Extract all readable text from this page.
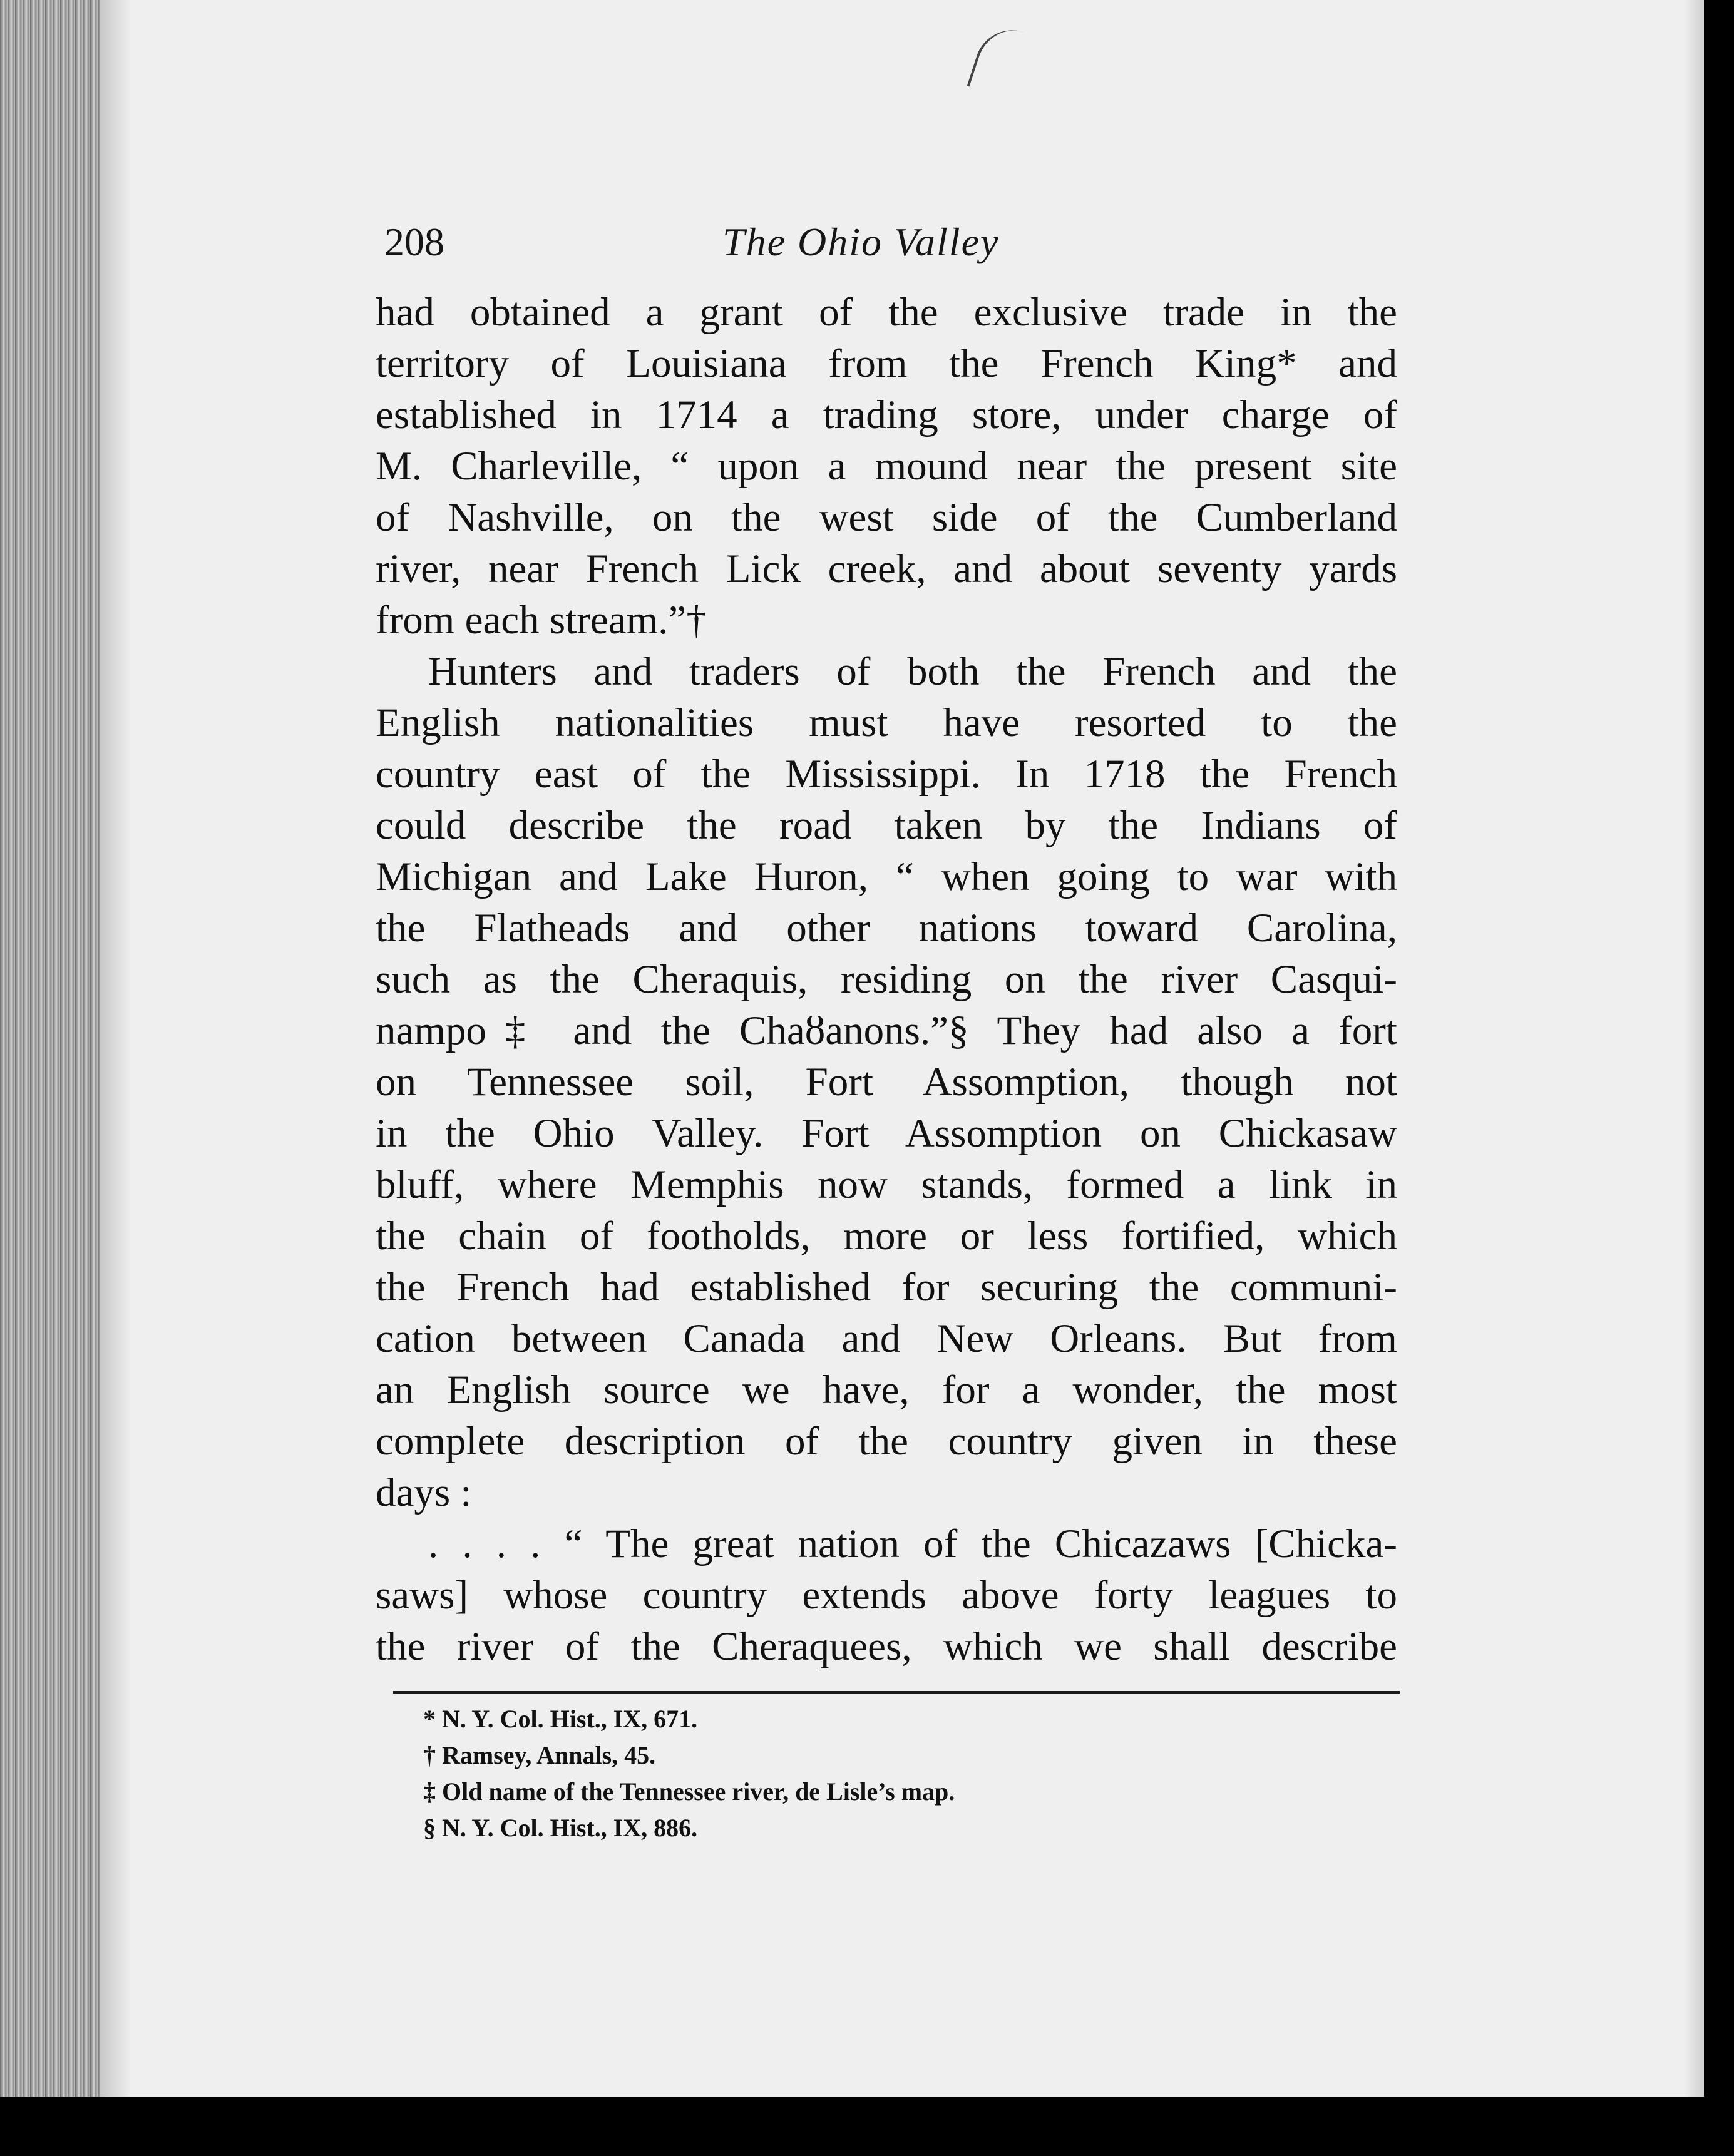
208	The Ohio Valley
had obtained a grant of the exclusive trade in the
territory of Louisiana from the French King* and
established in 1714 a trading store, under charge of
M. Charleville, “ upon a mound near the present site
of Nashville, on the west side of the Cumberland
river, near French Lick creek, and about seventy yards
from each stream.”†
Hunters and traders of both the French and the
English nationalities must have resorted to the
country east of the Mississippi. In 1718 the French
could describe the road taken by the Indians of
Michigan and Lake Huron, “ when going to war with
the Flatheads and other nations toward Carolina,
such as the Cheraquis, residing on the river Casqui-
nampo‡ and the Chaȣanons.”§ They had also a fort
on Tennessee soil, Fort Assomption, though not
in the Ohio Valley. Fort Assomption on Chickasaw
bluff, where Memphis now stands, formed a link in
the chain of footholds, more or less fortified, which
the French had established for securing the communi-
cation between Canada and New Orleans. But from
an English source we have, for a wonder, the most
complete description of the country given in these
days :
. . . . “ The great nation of the Chicazaws [Chicka-
saws] whose country extends above forty leagues to
the river of the Cheraquees, which we shall describe
* N. Y. Col. Hist., IX, 671.
† Ramsey, Annals, 45.
‡ Old name of the Tennessee river, de Lisle’s map.
§ N. Y. Col. Hist., IX, 886.
